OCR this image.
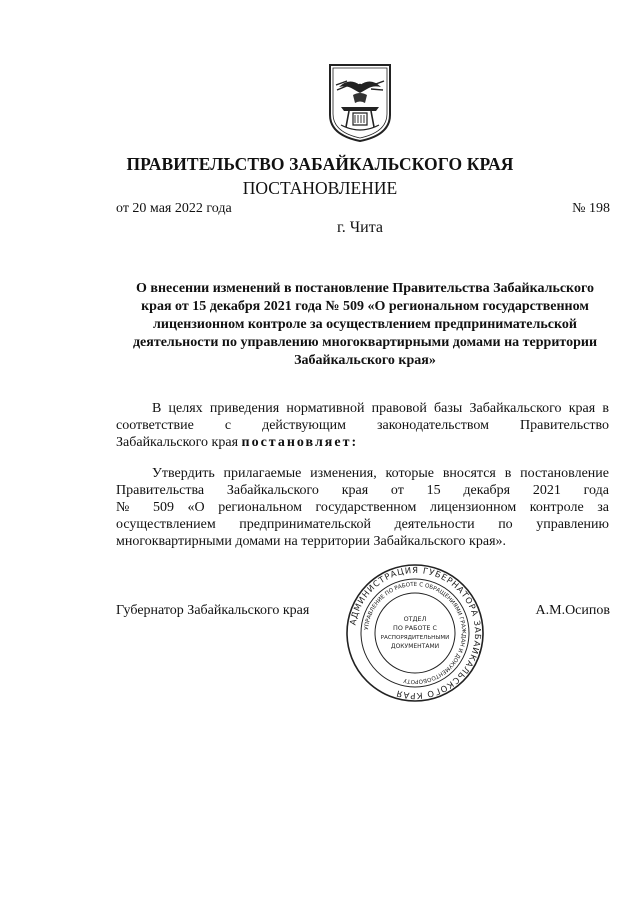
ПРАВИТЕЛЬСТВО ЗАБАЙКАЛЬСКОГО КРАЯ
ПОСТАНОВЛЕНИЕ
от 20 мая 2022 года	№ 198
г. Чита
О внесении изменений в постановление Правительства Забайкальского
края от 15 декабря 2021 года № 509 «О региональном государственном
лицензионном контроле за осуществлением предпринимательской
деятельности по управлению многоквартирными домами на территории
Забайкальского края»
В целях приведения нормативной правовой базы Забайкальского края в
соответствие с действующим законодательством Правительство
Забайкальского края постановляет:
Утвердить прилагаемые изменения, которые вносятся в постановление
Правительства Забайкальского края от 15 декабря 2021 года
№ 509 «О региональном государственном лицензионном контроле за
осуществлением предпринимательской деятельности по управлению
многоквартирными домами на территории Забайкальского края».
Губернатор Забайкальского края	А.М.Осипов
АДМИНИСТРАЦИЯ ГУБЕРНАТОРА ЗАБАЙКАЛЬСКОГО КРАЯ
УПРАВЛЕНИЕ ПО РАБОТЕ С ОБРАЩЕНИЯМИ ГРАЖДАН И ДОКУМЕНТООБОРОТУ
ОТДЕЛ
ПО РАБОТЕ С
РАСПОРЯДИТЕЛЬНЫМИ
ДОКУМЕНТАМИ
